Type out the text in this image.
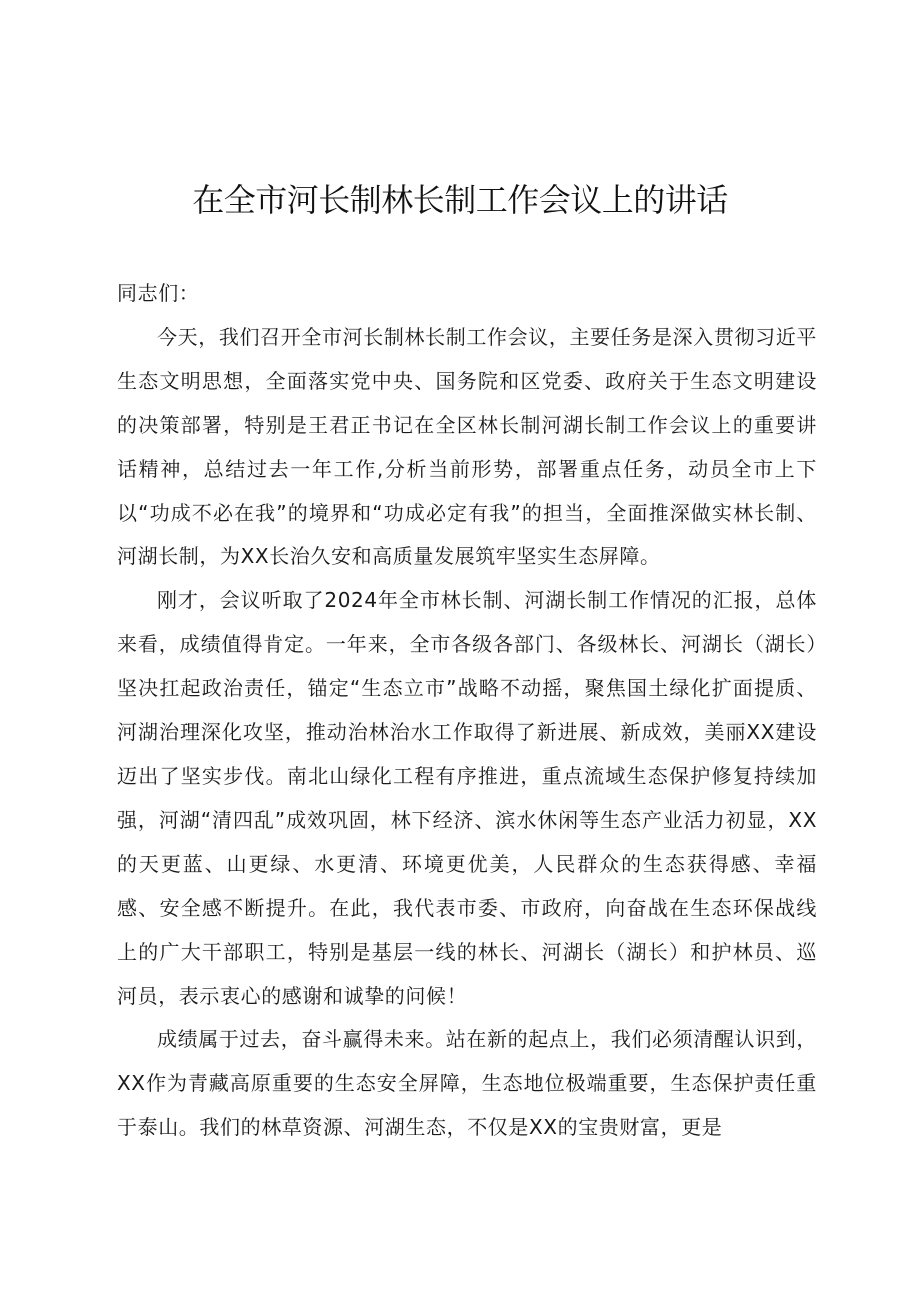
在全市河长制林长制工作会议上的讲话

同志们：

今天，我们召开全市河长制林长制工作会议，主要任务是深入贯彻习近平生态文明思想，全面落实党中央、国务院和区党委、政府关于生态文明建设的决策部署，特别是王君正书记在全区林长制河湖长制工作会议上的重要讲话精神，总结过去一年工作,分析当前形势，部署重点任务，动员全市上下以“功成不必在我”的境界和“功成必定有我”的担当，全面推深做实林长制、河湖长制，为XX长治久安和高质量发展筑牢坚实生态屏障。

刚才，会议听取了2024年全市林长制、河湖长制工作情况的汇报，总体来看，成绩值得肯定。一年来，全市各级各部门、各级林长、河湖长（湖长）坚决扛起政治责任，锚定“生态立市”战略不动摇，聚焦国土绿化扩面提质、河湖治理深化攻坚，推动治林治水工作取得了新进展、新成效，美丽XX建设迈出了坚实步伐。南北山绿化工程有序推进，重点流域生态保护修复持续加强，河湖“清四乱”成效巩固，林下经济、滨水休闲等生态产业活力初显，XX的天更蓝、山更绿、水更清、环境更优美，人民群众的生态获得感、幸福感、安全感不断提升。在此，我代表市委、市政府，向奋战在生态环保战线上的广大干部职工，特别是基层一线的林长、河湖长（湖长）和护林员、巡河员，表示衷心的感谢和诚挚的问候！

成绩属于过去，奋斗赢得未来。站在新的起点上，我们必须清醒认识到，XX作为青藏高原重要的生态安全屏障，生态地位极端重要，生态保护责任重于泰山。我们的林草资源、河湖生态，不仅是XX的宝贵财富，更是
